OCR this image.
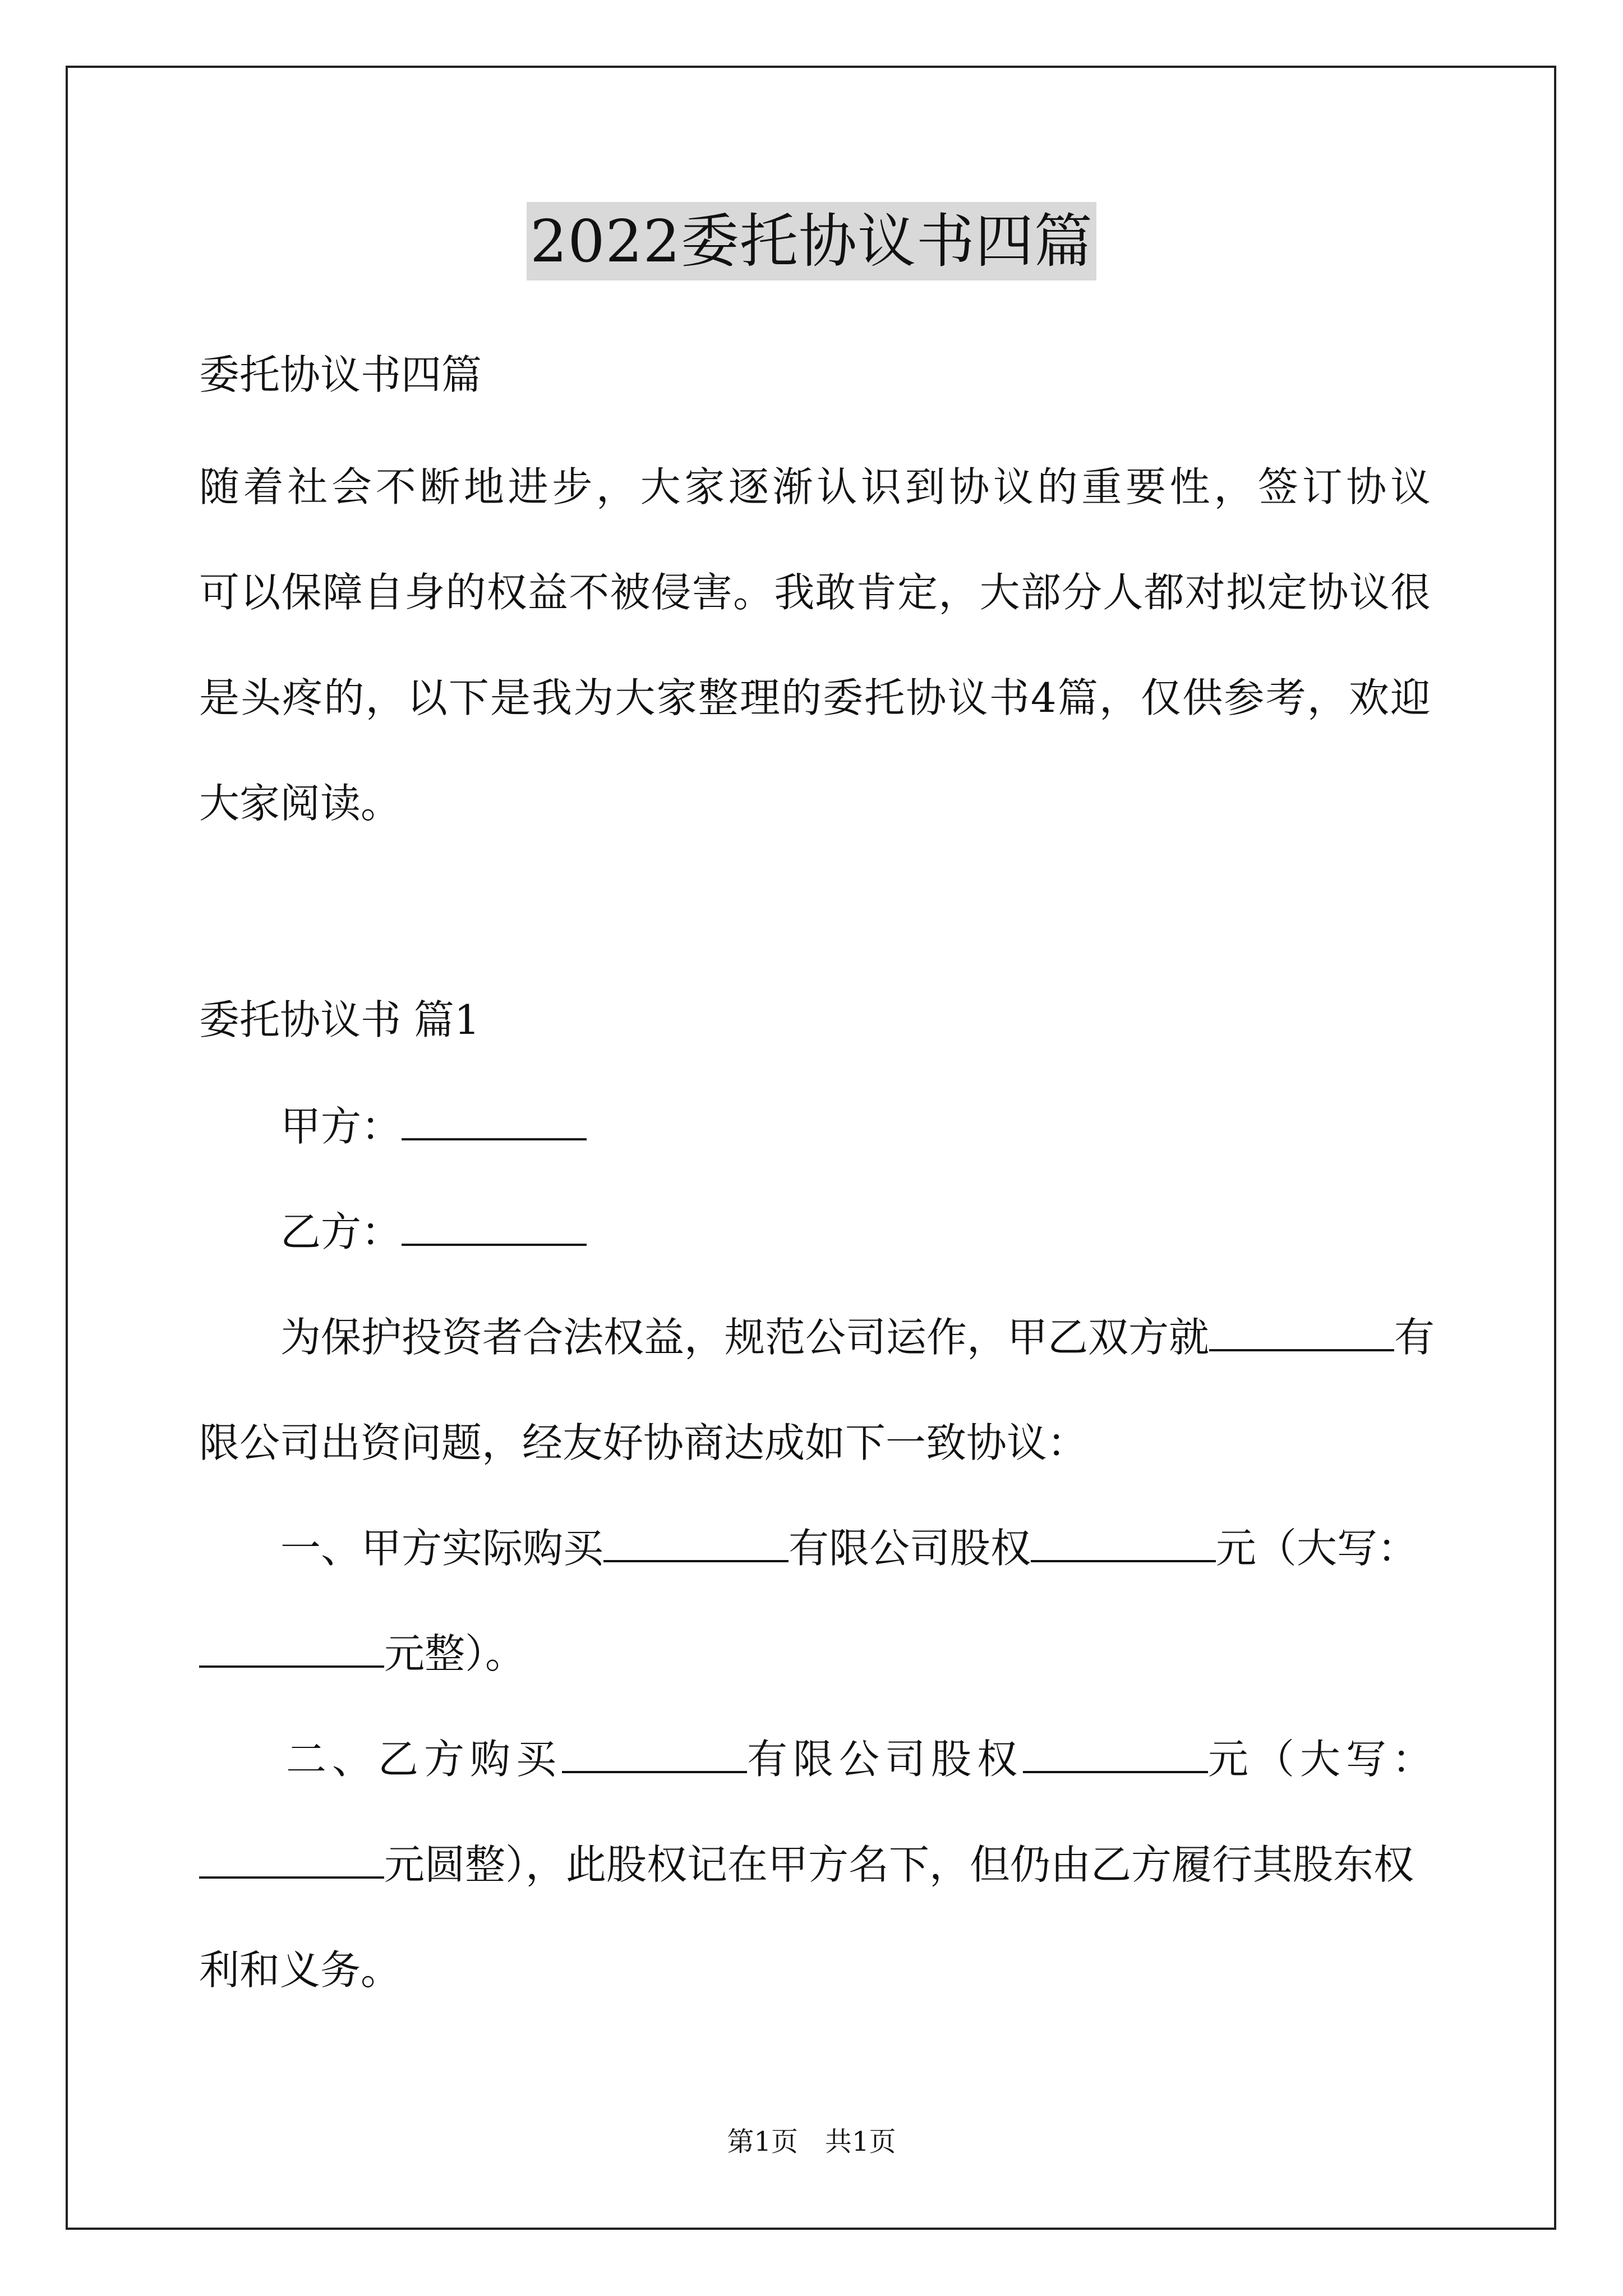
2022委托协议书四篇
委托协议书四篇
随着社会不断地进步，大家逐渐认识到协议的重要性，签订协议
可以保障自身的权益不被侵害。我敢肯定，大部分人都对拟定协议很
是头疼的，以下是我为大家整理的委托协议书4篇，仅供参考，欢迎
大家阅读。
委托协议书 篇1
甲方：
乙方：
为保护投资者合法权益，规范公司运作，甲乙双方就	有
限公司出资问题，经友好协商达成如下一致协议：
一、甲方实际购买	有限公司股权	元（大写：
元整）。
二、乙方购买	有限公司股权	元（大写：
元圆整），此股权记在甲方名下，但仍由乙方履行其股东权
利和义务。
第1页　共1页
